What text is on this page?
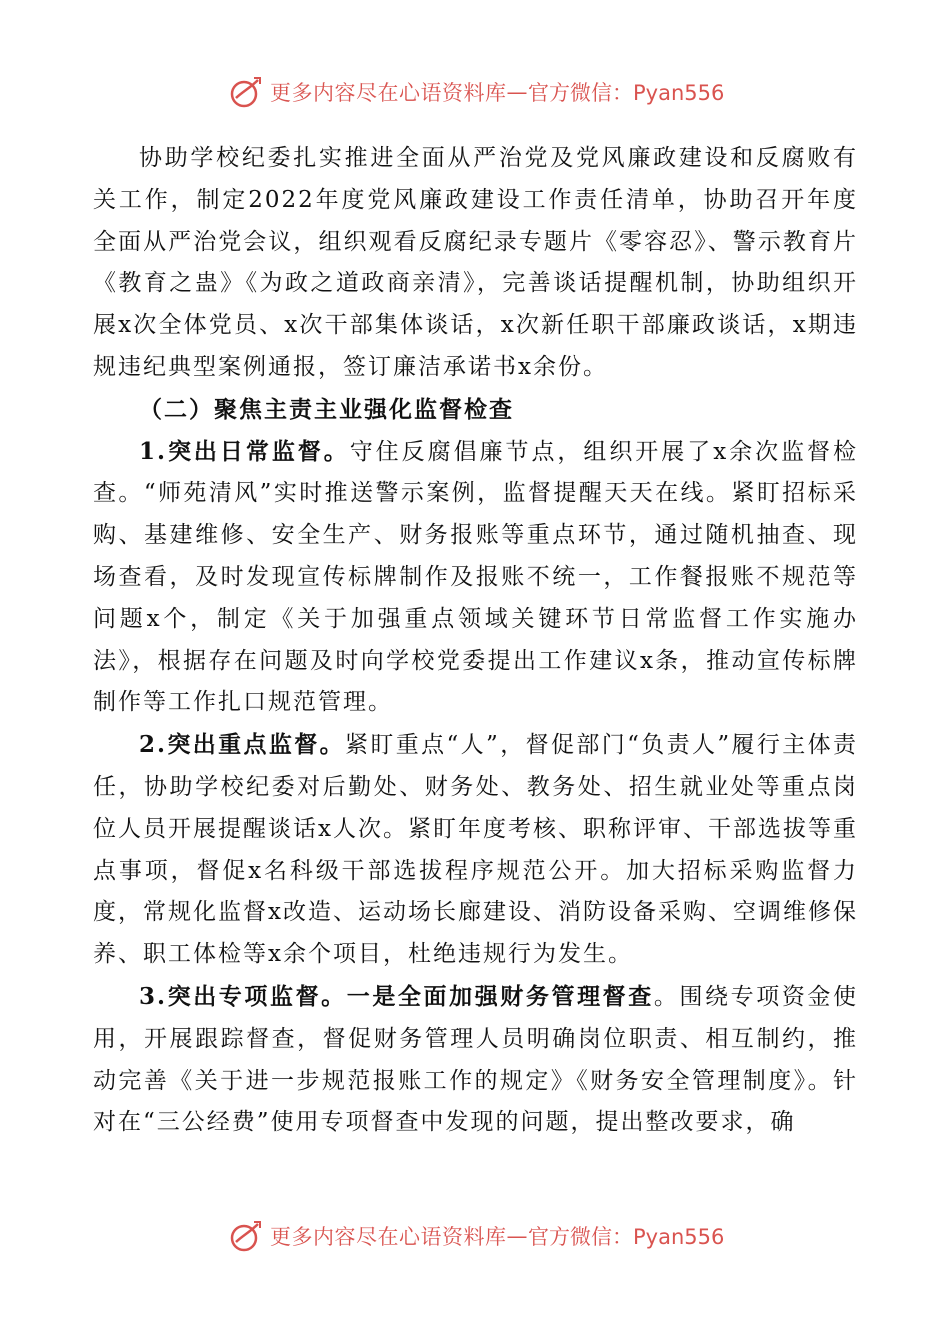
更多内容尽在心语资料库 — 官方微信：Pyan556

协助学校纪委扎实推进全面从严治党及党风廉政建设和反腐败有关工作，制定2022年度党风廉政建设工作责任清单，协助召开年度全面从严治党会议，组织观看反腐纪录专题片《零容忍》、警示教育片《教育之蛊》《为政之道政商亲清》，完善谈话提醒机制，协助组织开展x次全体党员、x次干部集体谈话，x次新任职干部廉政谈话，x期违规违纪典型案例通报，签订廉洁承诺书x余份。

（二）聚焦主责主业强化监督检查

1.突出日常监督。守住反腐倡廉节点，组织开展了x余次监督检查。“师苑清风”实时推送警示案例，监督提醒天天在线。紧盯招标采购、基建维修、安全生产、财务报账等重点环节，通过随机抽查、现场查看，及时发现宣传标牌制作及报账不统一，工作餐报账不规范等问题x个，制定《关于加强重点领域关键环节日常监督工作实施办法》，根据存在问题及时向学校党委提出工作建议x条，推动宣传标牌制作等工作扎口规范管理。

2.突出重点监督。紧盯重点“人”，督促部门“负责人”履行主体责任，协助学校纪委对后勤处、财务处、教务处、招生就业处等重点岗位人员开展提醒谈话x人次。紧盯年度考核、职称评审、干部选拔等重点事项，督促x名科级干部选拔程序规范公开。加大招标采购监督力度，常规化监督x改造、运动场长廊建设、消防设备采购、空调维修保养、职工体检等x余个项目，杜绝违规行为发生。

3.突出专项监督。一是全面加强财务管理督查。围绕专项资金使用，开展跟踪督查，督促财务管理人员明确岗位职责、相互制约，推动完善《关于进一步规范报账工作的规定》《财务安全管理制度》。针对在“三公经费”使用专项督查中发现的问题，提出整改要求，确

更多内容尽在心语资料库 — 官方微信：Pyan556
